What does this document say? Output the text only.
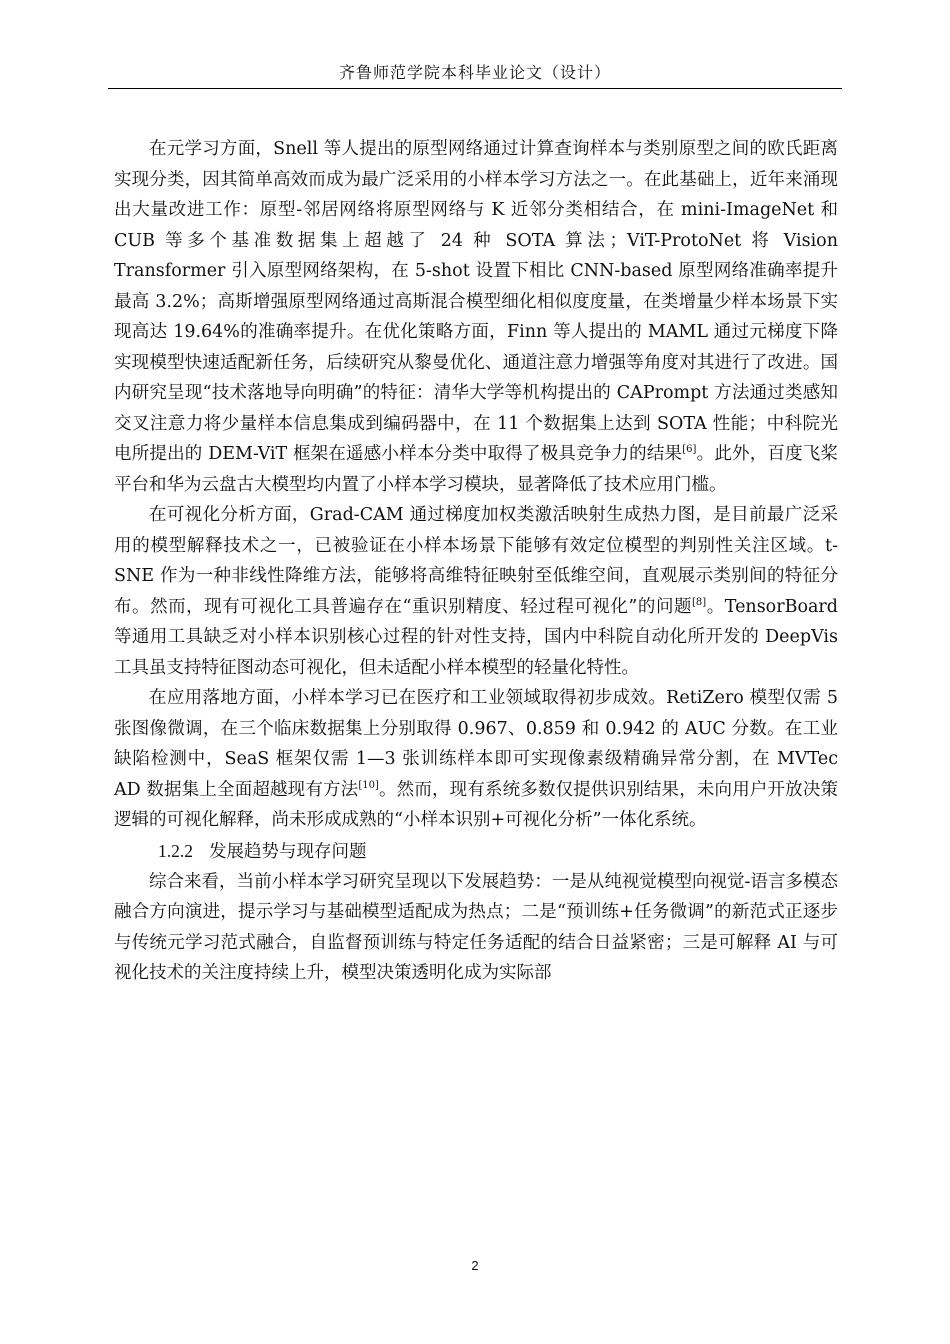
齐鲁师范学院本科毕业论文（设计）

在元学习方面，Snell 等人提出的原型网络通过计算查询样本与类别原型之间的欧氏距离实现分类，因其简单高效而成为最广泛采用的小样本学习方法之一。在此基础上，近年来涌现出大量改进工作：原型-邻居网络将原型网络与 K 近邻分类相结合，在 mini-ImageNet 和 CUB 等多个基准数据集上超越了 24 种 SOTA 算法；ViT-ProtoNet 将 Vision Transformer 引入原型网络架构，在 5-shot 设置下相比 CNN-based 原型网络准确率提升最高 3.2%；高斯增强原型网络通过高斯混合模型细化相似度度量，在类增量少样本场景下实现高达 19.64%的准确率提升。在优化策略方面，Finn 等人提出的 MAML 通过元梯度下降实现模型快速适配新任务，后续研究从黎曼优化、通道注意力增强等角度对其进行了改进。国内研究呈现“技术落地导向明确”的特征：清华大学等机构提出的 CAPrompt 方法通过类感知交叉注意力将少量样本信息集成到编码器中，在 11 个数据集上达到 SOTA 性能；中科院光电所提出的 DEM-ViT 框架在遥感小样本分类中取得了极具竞争力的结果[6]。此外，百度飞桨平台和华为云盘古大模型均内置了小样本学习模块，显著降低了技术应用门槛。

在可视化分析方面，Grad-CAM 通过梯度加权类激活映射生成热力图，是目前最广泛采用的模型解释技术之一，已被验证在小样本场景下能够有效定位模型的判别性关注区域。t-SNE 作为一种非线性降维方法，能够将高维特征映射至低维空间，直观展示类别间的特征分布。然而，现有可视化工具普遍存在“重识别精度、轻过程可视化”的问题[8]。TensorBoard 等通用工具缺乏对小样本识别核心过程的针对性支持，国内中科院自动化所开发的 DeepVis 工具虽支持特征图动态可视化，但未适配小样本模型的轻量化特性。

在应用落地方面，小样本学习已在医疗和工业领域取得初步成效。RetiZero 模型仅需 5 张图像微调，在三个临床数据集上分别取得 0.967、0.859 和 0.942 的 AUC 分数。在工业缺陷检测中，SeaS 框架仅需 1—3 张训练样本即可实现像素级精确异常分割，在 MVTec AD 数据集上全面超越现有方法[10]。然而，现有系统多数仅提供识别结果，未向用户开放决策逻辑的可视化解释，尚未形成成熟的“小样本识别+可视化分析”一体化系统。

1.2.2 发展趋势与现存问题

综合来看，当前小样本学习研究呈现以下发展趋势：一是从纯视觉模型向视觉-语言多模态融合方向演进，提示学习与基础模型适配成为热点；二是“预训练+任务微调”的新范式正逐步与传统元学习范式融合，自监督预训练与特定任务适配的结合日益紧密；三是可解释 AI 与可视化技术的关注度持续上升，模型决策透明化成为实际部

2
